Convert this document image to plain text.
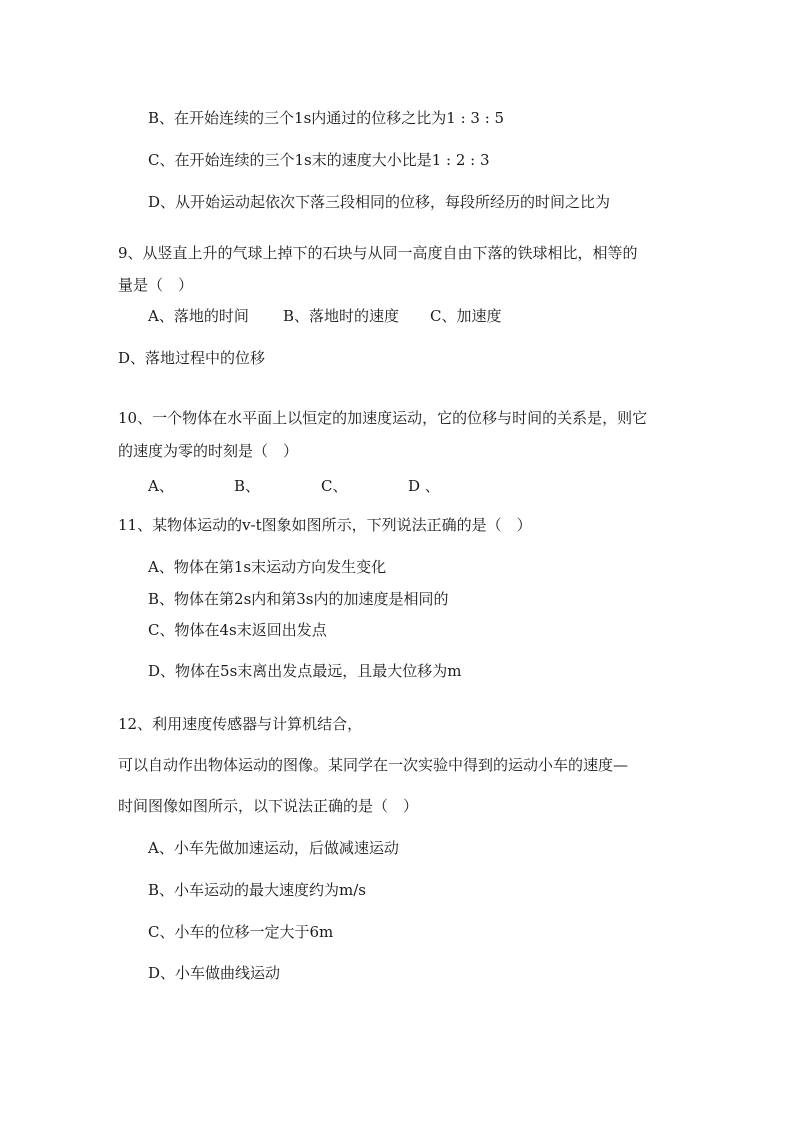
B、在开始连续的三个1s内通过的位移之比为1 : 3 : 5
C、在开始连续的三个1s末的速度大小比是1 : 2 : 3
D、从开始运动起依次下落三段相同的位移，每段所经历的时间之比为
9、从竖直上升的气球上掉下的石块与从同一高度自由下落的铁球相比，相等的
量是（　）
A、落地的时间 B、落地时的速度 C、加速度
D、落地过程中的位移
10、一个物体在水平面上以恒定的加速度运动，它的位移与时间的关系是，则它
的速度为零的时刻是（　）
A、	B、	C、	D 、
11、某物体运动的v-t图象如图所示，下列说法正确的是（　）
A、物体在第1s末运动方向发生变化
B、物体在第2s内和第3s内的加速度是相同的
C、物体在4s末返回出发点
D、物体在5s末离出发点最远，且最大位移为m
12、利用速度传感器与计算机结合，
可以自动作出物体运动的图像。某同学在一次实验中得到的运动小车的速度—
时间图像如图所示，以下说法正确的是（　）
A、小车先做加速运动，后做减速运动
B、小车运动的最大速度约为m/s
C、小车的位移一定大于6m
D、小车做曲线运动
